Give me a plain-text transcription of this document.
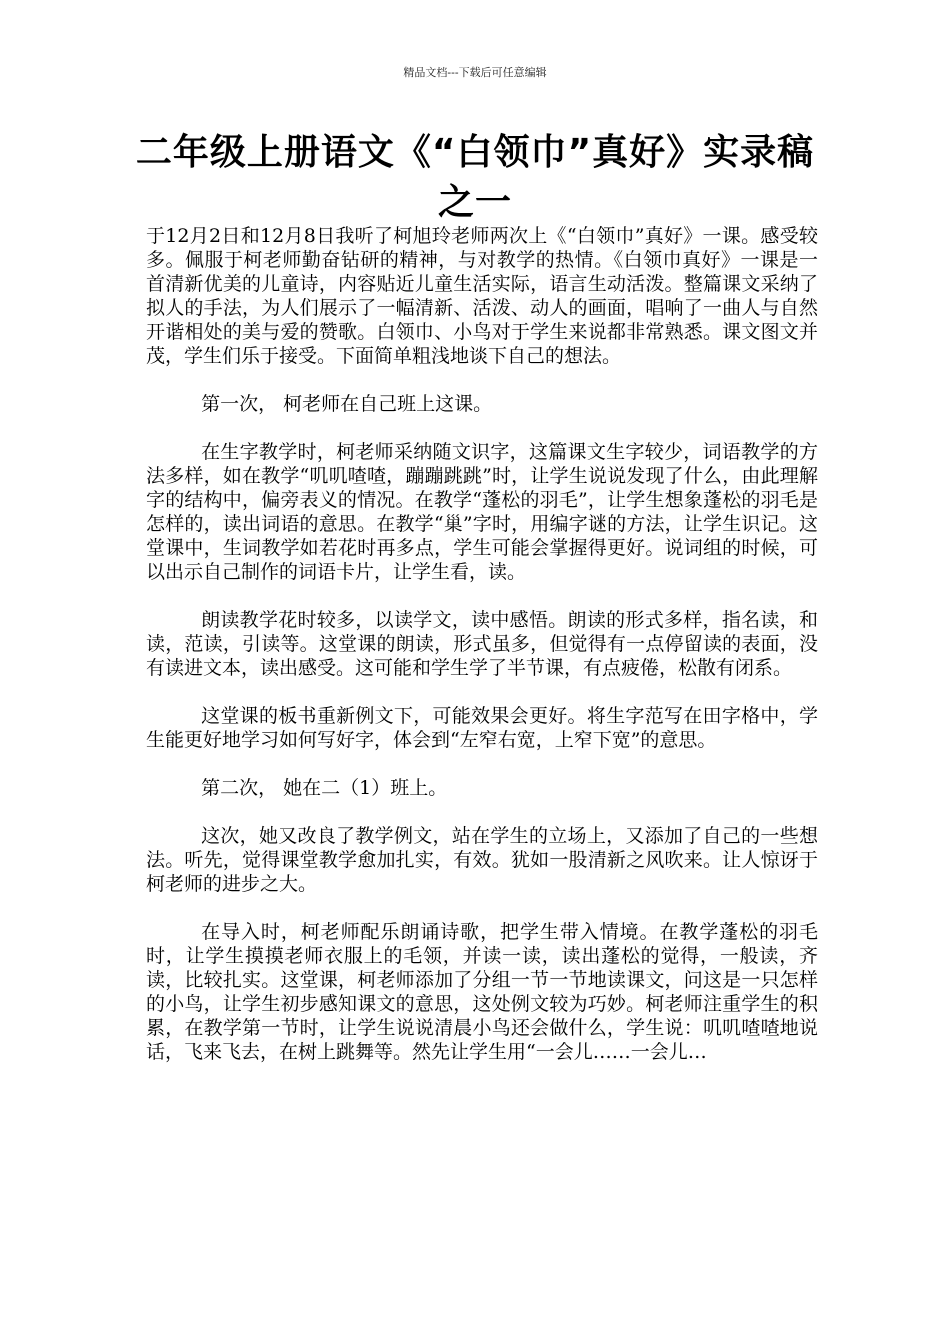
精品文档---下载后可任意编辑
二年级上册语文《“白领巾”真好》实录稿之一

于12月2日和12月8日我听了柯旭玲老师两次上《“白领巾”真好》一课。感受较多。佩服于柯老师勤奋钻研的精神，与对教学的热情。《白领巾真好》一课是一首清新优美的儿童诗，内容贴近儿童生活实际，语言生动活泼。整篇课文采纳了拟人的手法，为人们展示了一幅清新、活泼、动人的画面，唱响了一曲人与自然开谐相处的美与爱的赞歌。白领巾、小鸟对于学生来说都非常熟悉。课文图文并茂，学生们乐于接受。下面简单粗浅地谈下自己的想法。

第一次， 柯老师在自己班上这课。

在生字教学时，柯老师采纳随文识字，这篇课文生字较少，词语教学的方法多样，如在教学“叽叽喳喳，蹦蹦跳跳”时，让学生说说发现了什么，由此理解字的结构中，偏旁表义的情况。在教学“蓬松的羽毛”，让学生想象蓬松的羽毛是怎样的，读出词语的意思。在教学“巢”字时，用编字谜的方法，让学生识记。这堂课中，生词教学如若花时再多点，学生可能会掌握得更好。说词组的时候，可以出示自己制作的词语卡片，让学生看，读。

朗读教学花时较多，以读学文，读中感悟。朗读的形式多样，指名读，和读，范读，引读等。这堂课的朗读，形式虽多，但觉得有一点停留读的表面，没有读进文本，读出感受。这可能和学生学了半节课，有点疲倦，松散有闭系。

这堂课的板书重新例文下，可能效果会更好。将生字范写在田字格中，学生能更好地学习如何写好字，体会到“左窄右宽，上窄下宽”的意思。

第二次， 她在二（1）班上。

这次，她又改良了教学例文，站在学生的立场上，又添加了自己的一些想法。听先，觉得课堂教学愈加扎实，有效。犹如一股清新之风吹来。让人惊讶于柯老师的进步之大。

在导入时，柯老师配乐朗诵诗歌，把学生带入情境。在教学蓬松的羽毛时，让学生摸摸老师衣服上的毛领，并读一读，读出蓬松的觉得，一般读，齐读，比较扎实。这堂课，柯老师添加了分组一节一节地读课文，问这是一只怎样的小鸟，让学生初步感知课文的意思，这处例文较为巧妙。柯老师注重学生的积累，在教学第一节时，让学生说说清晨小鸟还会做什么，学生说：叽叽喳喳地说话，飞来飞去，在树上跳舞等。然先让学生用“一会儿……一会儿…
